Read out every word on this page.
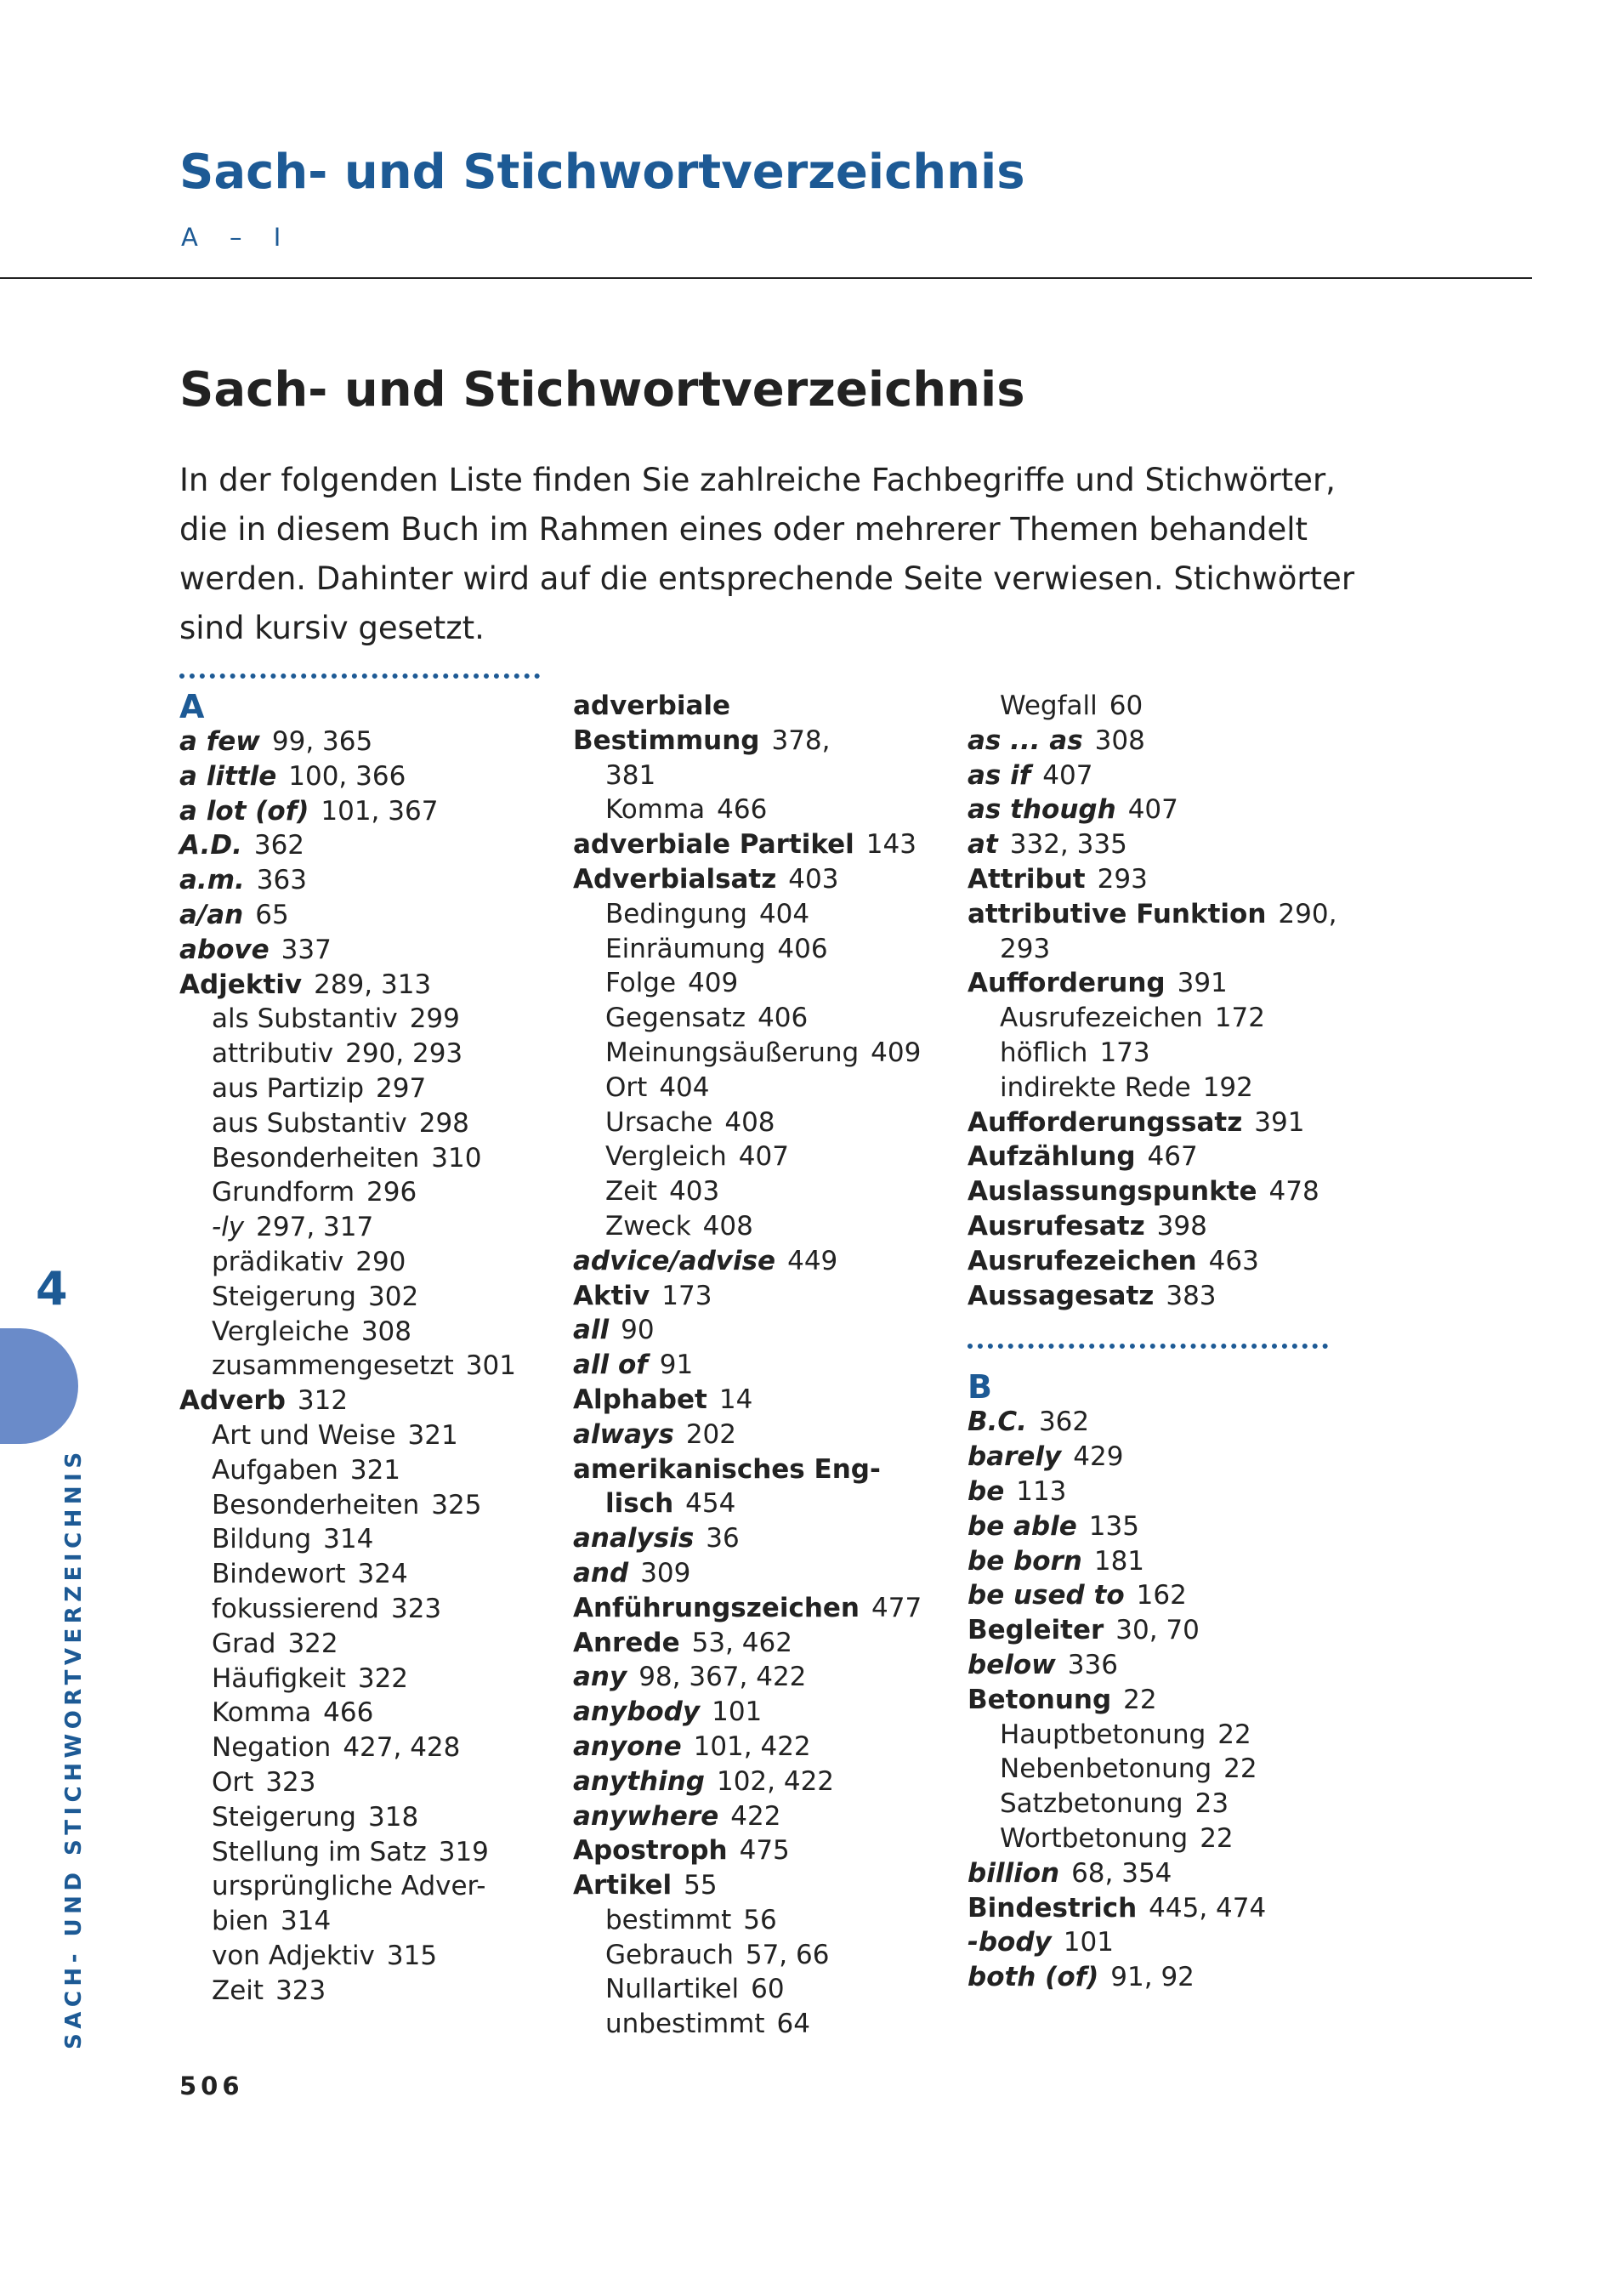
Sach- und Stichwortverzeichnis
A – I
Sach- und Stichwortverzeichnis

In der folgenden Liste finden Sie zahlreiche Fachbegriffe und Stichwörter, die in diesem Buch im Rahmen eines oder mehrerer Themen behandelt werden. Dahinter wird auf die entsprechende Seite verwiesen. Stichwörter sind kursiv gesetzt.

A
a few 99, 365
a little 100, 366
a lot (of) 101, 367
A.D. 362
a.m. 363
a/an 65
above 337
Adjektiv 289, 313
als Substantiv 299
attributiv 290, 293
aus Partizip 297
aus Substantiv 298
Besonderheiten 310
Grundform 296
-ly 297, 317
prädikativ 290
Steigerung 302
Vergleiche 308
zusammengesetzt 301
Adverb 312
Art und Weise 321
Aufgaben 321
Besonderheiten 325
Bildung 314
Bindewort 324
fokussierend 323
Grad 322
Häufigkeit 322
Komma 466
Negation 427, 428
Ort 323
Steigerung 318
Stellung im Satz 319
ursprüngliche Adver-
bien 314
von Adjektiv 315
Zeit 323
adverbiale Bestimmung 378,
381
Komma 466
adverbiale Partikel 143
Adverbialsatz 403
Bedingung 404
Einräumung 406
Folge 409
Gegensatz 406
Meinungsäußerung 409
Ort 404
Ursache 408
Vergleich 407
Zeit 403
Zweck 408
advice/advise 449
Aktiv 173
all 90
all of 91
Alphabet 14
always 202
amerikanisches Eng-
lisch 454
analysis 36
and 309
Anführungszeichen 477
Anrede 53, 462
any 98, 367, 422
anybody 101
anyone 101, 422
anything 102, 422
anywhere 422
Apostroph 475
Artikel 55
bestimmt 56
Gebrauch 57, 66
Nullartikel 60
unbestimmt 64
Wegfall 60
as ... as 308
as if 407
as though 407
at 332, 335
Attribut 293
attributive Funktion 290,
293
Aufforderung 391
Ausrufezeichen 172
höflich 173
indirekte Rede 192
Aufforderungssatz 391
Aufzählung 467
Auslassungspunkte 478
Ausrufesatz 398
Ausrufezeichen 463
Aussagesatz 383
B
B.C. 362
barely 429
be 113
be able 135
be born 181
be used to 162
Begleiter 30, 70
below 336
Betonung 22
Hauptbetonung 22
Nebenbetonung 22
Satzbetonung 23
Wortbetonung 22
billion 68, 354
Bindestrich 445, 474
-body 101
both (of) 91, 92
4
SACH- UND STICHWORTVERZEICHNIS
506
